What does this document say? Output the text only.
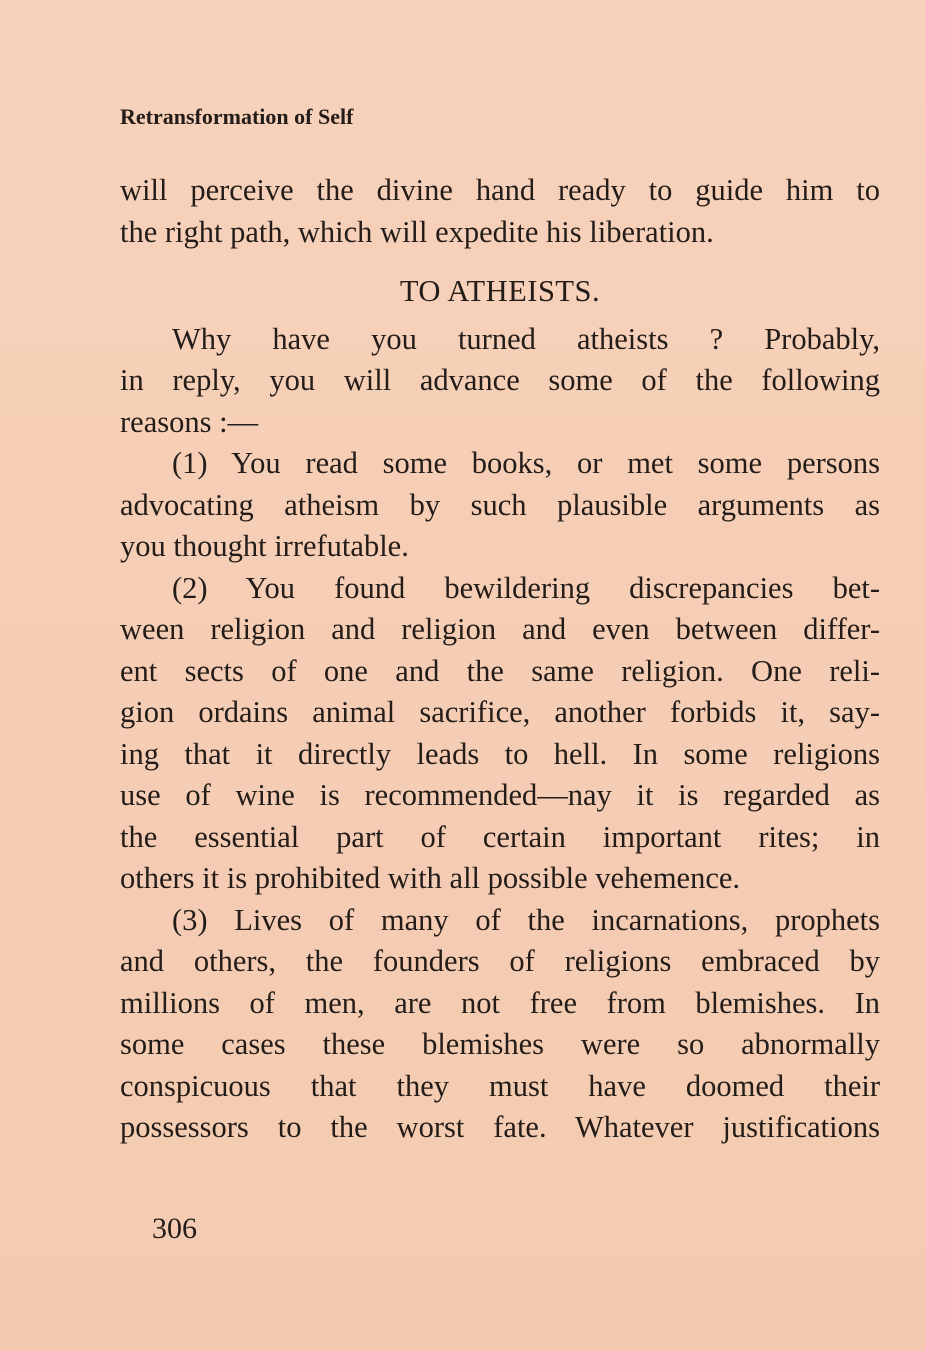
Retransformation of Self
will perceive the divine hand ready to guide him to
the right path, which will expedite his liberation.
TO ATHEISTS.
Why have you turned atheists ? Probably,
in reply, you will advance some of the following
reasons :—
(1) You read some books, or met some persons
advocating atheism by such plausible arguments as
you thought irrefutable.
(2) You found bewildering discrepancies bet-
ween religion and religion and even between differ-
ent sects of one and the same religion. One reli-
gion ordains animal sacrifice, another forbids it, say-
ing that it directly leads to hell. In some religions
use of wine is recommended—nay it is regarded as
the essential part of certain important rites; in
others it is prohibited with all possible vehemence.
(3) Lives of many of the incarnations, prophets
and others, the founders of religions embraced by
millions of men, are not free from blemishes. In
some cases these blemishes were so abnormally
conspicuous that they must have doomed their
possessors to the worst fate. Whatever justifications
306
